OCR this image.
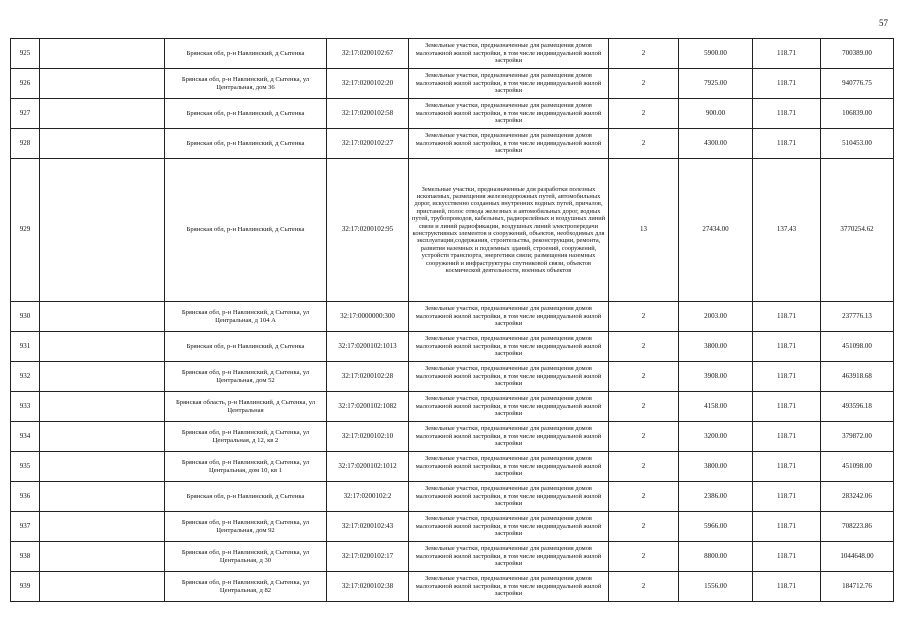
57
925		Брянская обл, р-н Навлинский, д Сытенка	32:17:0200102:67	Земельные участки, предназначенные для размещения домов малоэтажной жилой застройки, в том числе индивидуальной жилой застройки	2	5900.00	118.71	700389.00
926		Брянская обл, р-н Навлинский, д Сытенка, ул Центральная, дом 36	32:17:0200102:20	Земельные участки, предназначенные для размещения домов малоэтажной жилой застройки, в том числе индивидуальной жилой застройки	2	7925.00	118.71	940776.75
927		Брянская обл, р-н Навлинский, д Сытенка	32:17:0200102:58	Земельные участки, предназначенные для размещения домов малоэтажной жилой застройки, в том числе индивидуальной жилой застройки	2	900.00	118.71	106839.00
928		Брянская обл, р-н Навлинский, д Сытенка	32:17:0200102:27	Земельные участки, предназначенные для размещения домов малоэтажной жилой застройки, в том числе индивидуальной жилой застройки	2	4300.00	118.71	510453.00
929		Брянская обл, р-н Навлинский, д Сытенка	32:17:0200102:95	Земельные участки, предназначенные для разработки полезных ископаемых, размещения железнодорожных путей, автомобильных дорог, искусственно созданных внутренних водных путей, причалов, пристаней, полос отвода железных и автомобильных дорог, водных путей, трубопроводов, кабельных, радиорелейных и воздушных линий связи и линий радиофикации, воздушных линий электропередачи конструктивных элементов и сооружений, объектов, необходимых для эксплуатации,содержания, строительства, реконструкции, ремонта, развития наземных и подземных зданий, строений, сооружений, устройств транспорта, энергетики связи; размещения наземных сооружений и инфраструктуры спутниковой связи, объектов космической деятельности, военных объектов	13	27434.00	137.43	3770254.62
930		Брянская обл, р-н Навлинский, д Сытенка, ул Центральная, д 104 А	32:17:0000000:300	Земельные участки, предназначенные для размещения домов малоэтажной жилой застройки, в том числе индивидуальной жилой застройки	2	2003.00	118.71	237776.13
931		Брянская обл, р-н Навлинский, д Сытенка	32:17:0200102:1013	Земельные участки, предназначенные для размещения домов малоэтажной жилой застройки, в том числе индивидуальной жилой застройки	2	3800.00	118.71	451098.00
932		Брянская обл, р-н Навлинский, д Сытенка, ул Центральная, дом 52	32:17:0200102:28	Земельные участки, предназначенные для размещения домов малоэтажной жилой застройки, в том числе индивидуальной жилой застройки	2	3908.00	118.71	463918.68
933		Брянская область, р-н Навлинский, д Сытенка, ул Центральная	32:17:0200102:1082	Земельные участки, предназначенные для размещения домов малоэтажной жилой застройки, в том числе индивидуальной жилой застройки	2	4158.00	118.71	493596.18
934		Брянская обл, р-н Навлинский, д Сытенка, ул Центральная, д 12, кв 2	32:17:0200102:10	Земельные участки, предназначенные для размещения домов малоэтажной жилой застройки, в том числе индивидуальной жилой застройки	2	3200.00	118.71	379872.00
935		Брянская обл, р-н Навлинский, д Сытенка, ул Центральная, дом 10, кв 1	32:17:0200102:1012	Земельные участки, предназначенные для размещения домов малоэтажной жилой застройки, в том числе индивидуальной жилой застройки	2	3800.00	118.71	451098.00
936		Брянская обл, р-н Навлинский, д Сытенка	32:17:0200102:2	Земельные участки, предназначенные для размещения домов малоэтажной жилой застройки, в том числе индивидуальной жилой застройки	2	2386.00	118.71	283242.06
937		Брянская обл, р-н Навлинский, д Сытенка, ул Центральная, дом 92	32:17:0200102:43	Земельные участки, предназначенные для размещения домов малоэтажной жилой застройки, в том числе индивидуальной жилой застройки	2	5966.00	118.71	708223.86
938		Брянская обл, р-н Навлинский, д Сытенка, ул Центральная, д 30	32:17:0200102:17	Земельные участки, предназначенные для размещения домов малоэтажной жилой застройки, в том числе индивидуальной жилой застройки	2	8800.00	118.71	1044648.00
939		Брянская обл, р-н Навлинский, д Сытенка, ул Центральная, д 82	32:17:0200102:38	Земельные участки, предназначенные для размещения домов малоэтажной жилой застройки, в том числе индивидуальной жилой застройки	2	1556.00	118.71	184712.76
